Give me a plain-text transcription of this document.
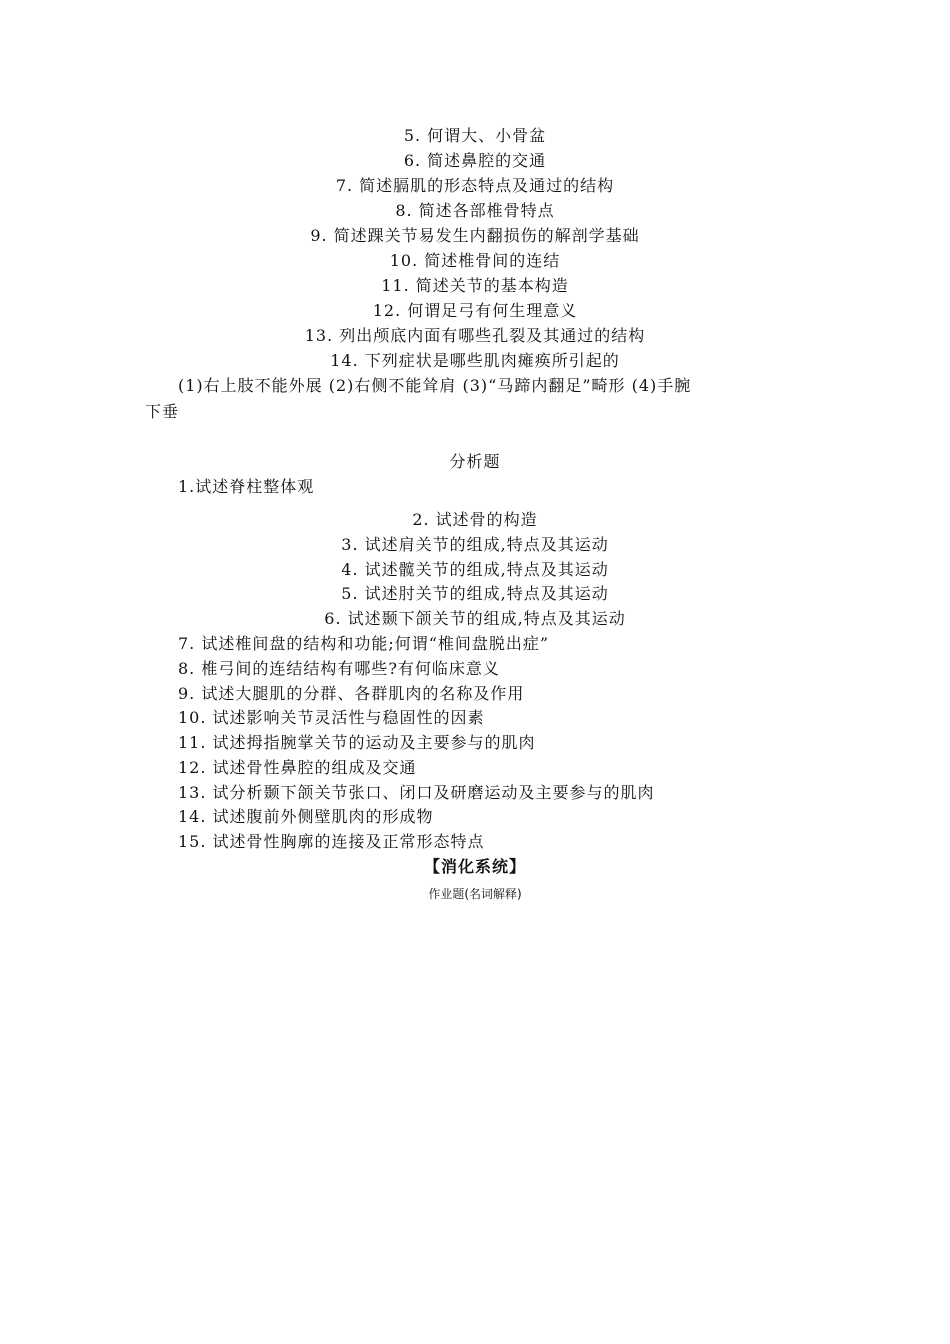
5. 何谓大、小骨盆
6. 简述鼻腔的交通
7. 简述膈肌的形态特点及通过的结构
8. 简述各部椎骨特点
9. 简述踝关节易发生内翻损伤的解剖学基础
10. 简述椎骨间的连结
11. 简述关节的基本构造
12. 何谓足弓有何生理意义
13. 列出颅底内面有哪些孔裂及其通过的结构
14. 下列症状是哪些肌肉瘫痪所引起的
(1)右上肢不能外展 (2)右侧不能耸肩 (3)“马蹄内翻足”畸形 (4)手腕
下垂
分析题
1.试述脊柱整体观
2. 试述骨的构造
3. 试述肩关节的组成,特点及其运动
4. 试述髋关节的组成,特点及其运动
5. 试述肘关节的组成,特点及其运动
6. 试述颞下颌关节的组成,特点及其运动
7. 试述椎间盘的结构和功能;何谓“椎间盘脱出症”
8. 椎弓间的连结结构有哪些?有何临床意义
9. 试述大腿肌的分群、各群肌肉的名称及作用
10. 试述影响关节灵活性与稳固性的因素
11. 试述拇指腕掌关节的运动及主要参与的肌肉
12. 试述骨性鼻腔的组成及交通
13. 试分析颞下颌关节张口、闭口及研磨运动及主要参与的肌肉
14. 试述腹前外侧壁肌肉的形成物
15. 试述骨性胸廓的连接及正常形态特点
【消化系统】
作业题(名词解释)
